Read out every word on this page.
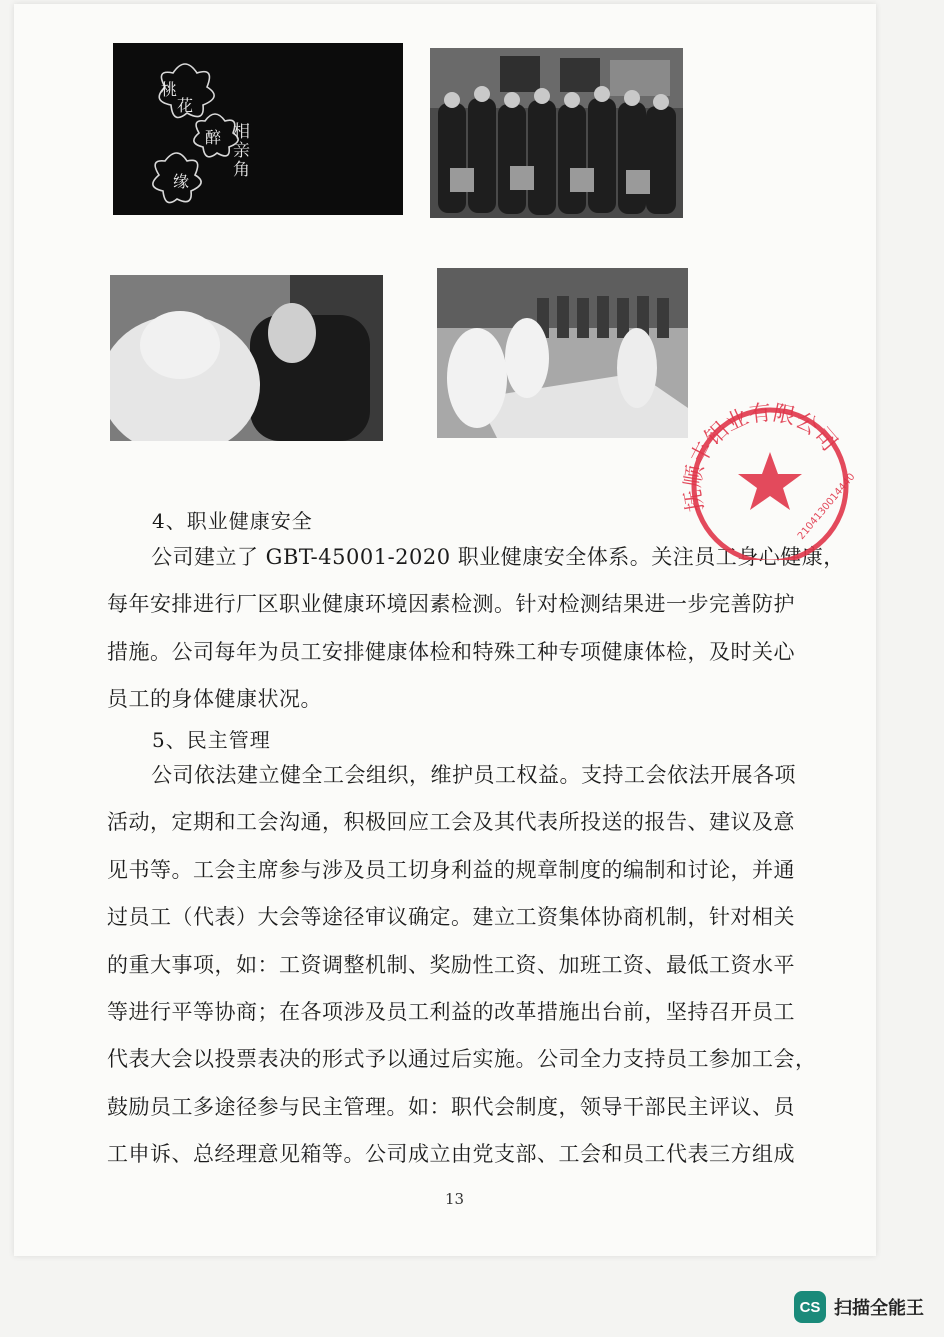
桃
花
醉
缘
相亲角
4、职业健康安全
公司建立了 GBT-45001-2020 职业健康安全体系。关注员工身心健康，
每年安排进行厂区职业健康环境因素检测。针对检测结果进一步完善防护
措施。公司每年为员工安排健康体检和特殊工种专项健康体检，及时关心
员工的身体健康状况。
5、民主管理
公司依法建立健全工会组织，维护员工权益。支持工会依法开展各项
活动，定期和工会沟通，积极回应工会及其代表所投送的报告、建议及意
见书等。工会主席参与涉及员工切身利益的规章制度的编制和讨论，并通
过员工（代表）大会等途径审议确定。建立工资集体协商机制，针对相关
的重大事项，如：工资调整机制、奖励性工资、加班工资、最低工资水平
等进行平等协商；在各项涉及员工利益的改革措施出台前，坚持召开员工
代表大会以投票表决的形式予以通过后实施。公司全力支持员工参加工会，
鼓励员工多途径参与民主管理。如：职代会制度，领导干部民主评议、员
工申诉、总经理意见箱等。公司成立由党支部、工会和员工代表三方组成
抚顺丰铝业有限公司
2104130014440
13
CS 扫描全能王
